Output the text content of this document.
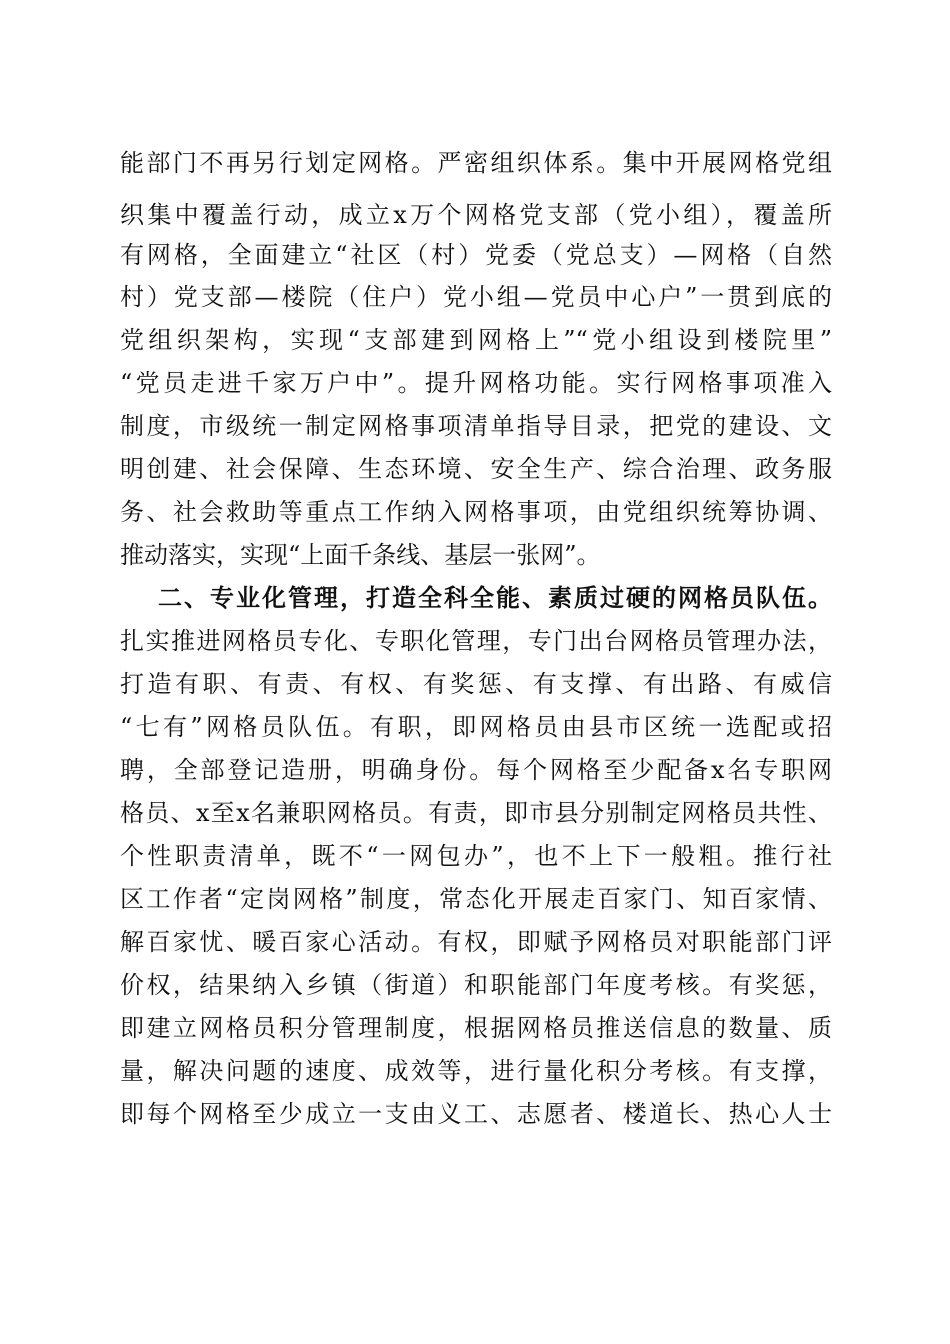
能部门不再另行划定网格。严密组织体系。集中开展网格党组
织集中覆盖行动，成立x万个网格党支部（党小组），覆盖所
有网格，全面建立“社区（村）党委（党总支）—网格（自然
村）党支部—楼院（住户）党小组—党员中心户”一贯到底的
党组织架构，实现“支部建到网格上”“党小组设到楼院里”
“党员走进千家万户中”。提升网格功能。实行网格事项准入
制度，市级统一制定网格事项清单指导目录，把党的建设、文
明创建、社会保障、生态环境、安全生产、综合治理、政务服
务、社会救助等重点工作纳入网格事项，由党组织统筹协调、
推动落实，实现“上面千条线、基层一张网”。
二、专业化管理，打造全科全能、素质过硬的网格员队伍。
扎实推进网格员专化、专职化管理，专门出台网格员管理办法，
打造有职、有责、有权、有奖惩、有支撑、有出路、有威信
“七有”网格员队伍。有职，即网格员由县市区统一选配或招
聘，全部登记造册，明确身份。每个网格至少配备x名专职网
格员、x至x名兼职网格员。有责，即市县分别制定网格员共性、
个性职责清单，既不“一网包办”，也不上下一般粗。推行社
区工作者“定岗网格”制度，常态化开展走百家门、知百家情、
解百家忧、暖百家心活动。有权，即赋予网格员对职能部门评
价权，结果纳入乡镇（街道）和职能部门年度考核。有奖惩，
即建立网格员积分管理制度，根据网格员推送信息的数量、质
量，解决问题的速度、成效等，进行量化积分考核。有支撑，
即每个网格至少成立一支由义工、志愿者、楼道长、热心人士
